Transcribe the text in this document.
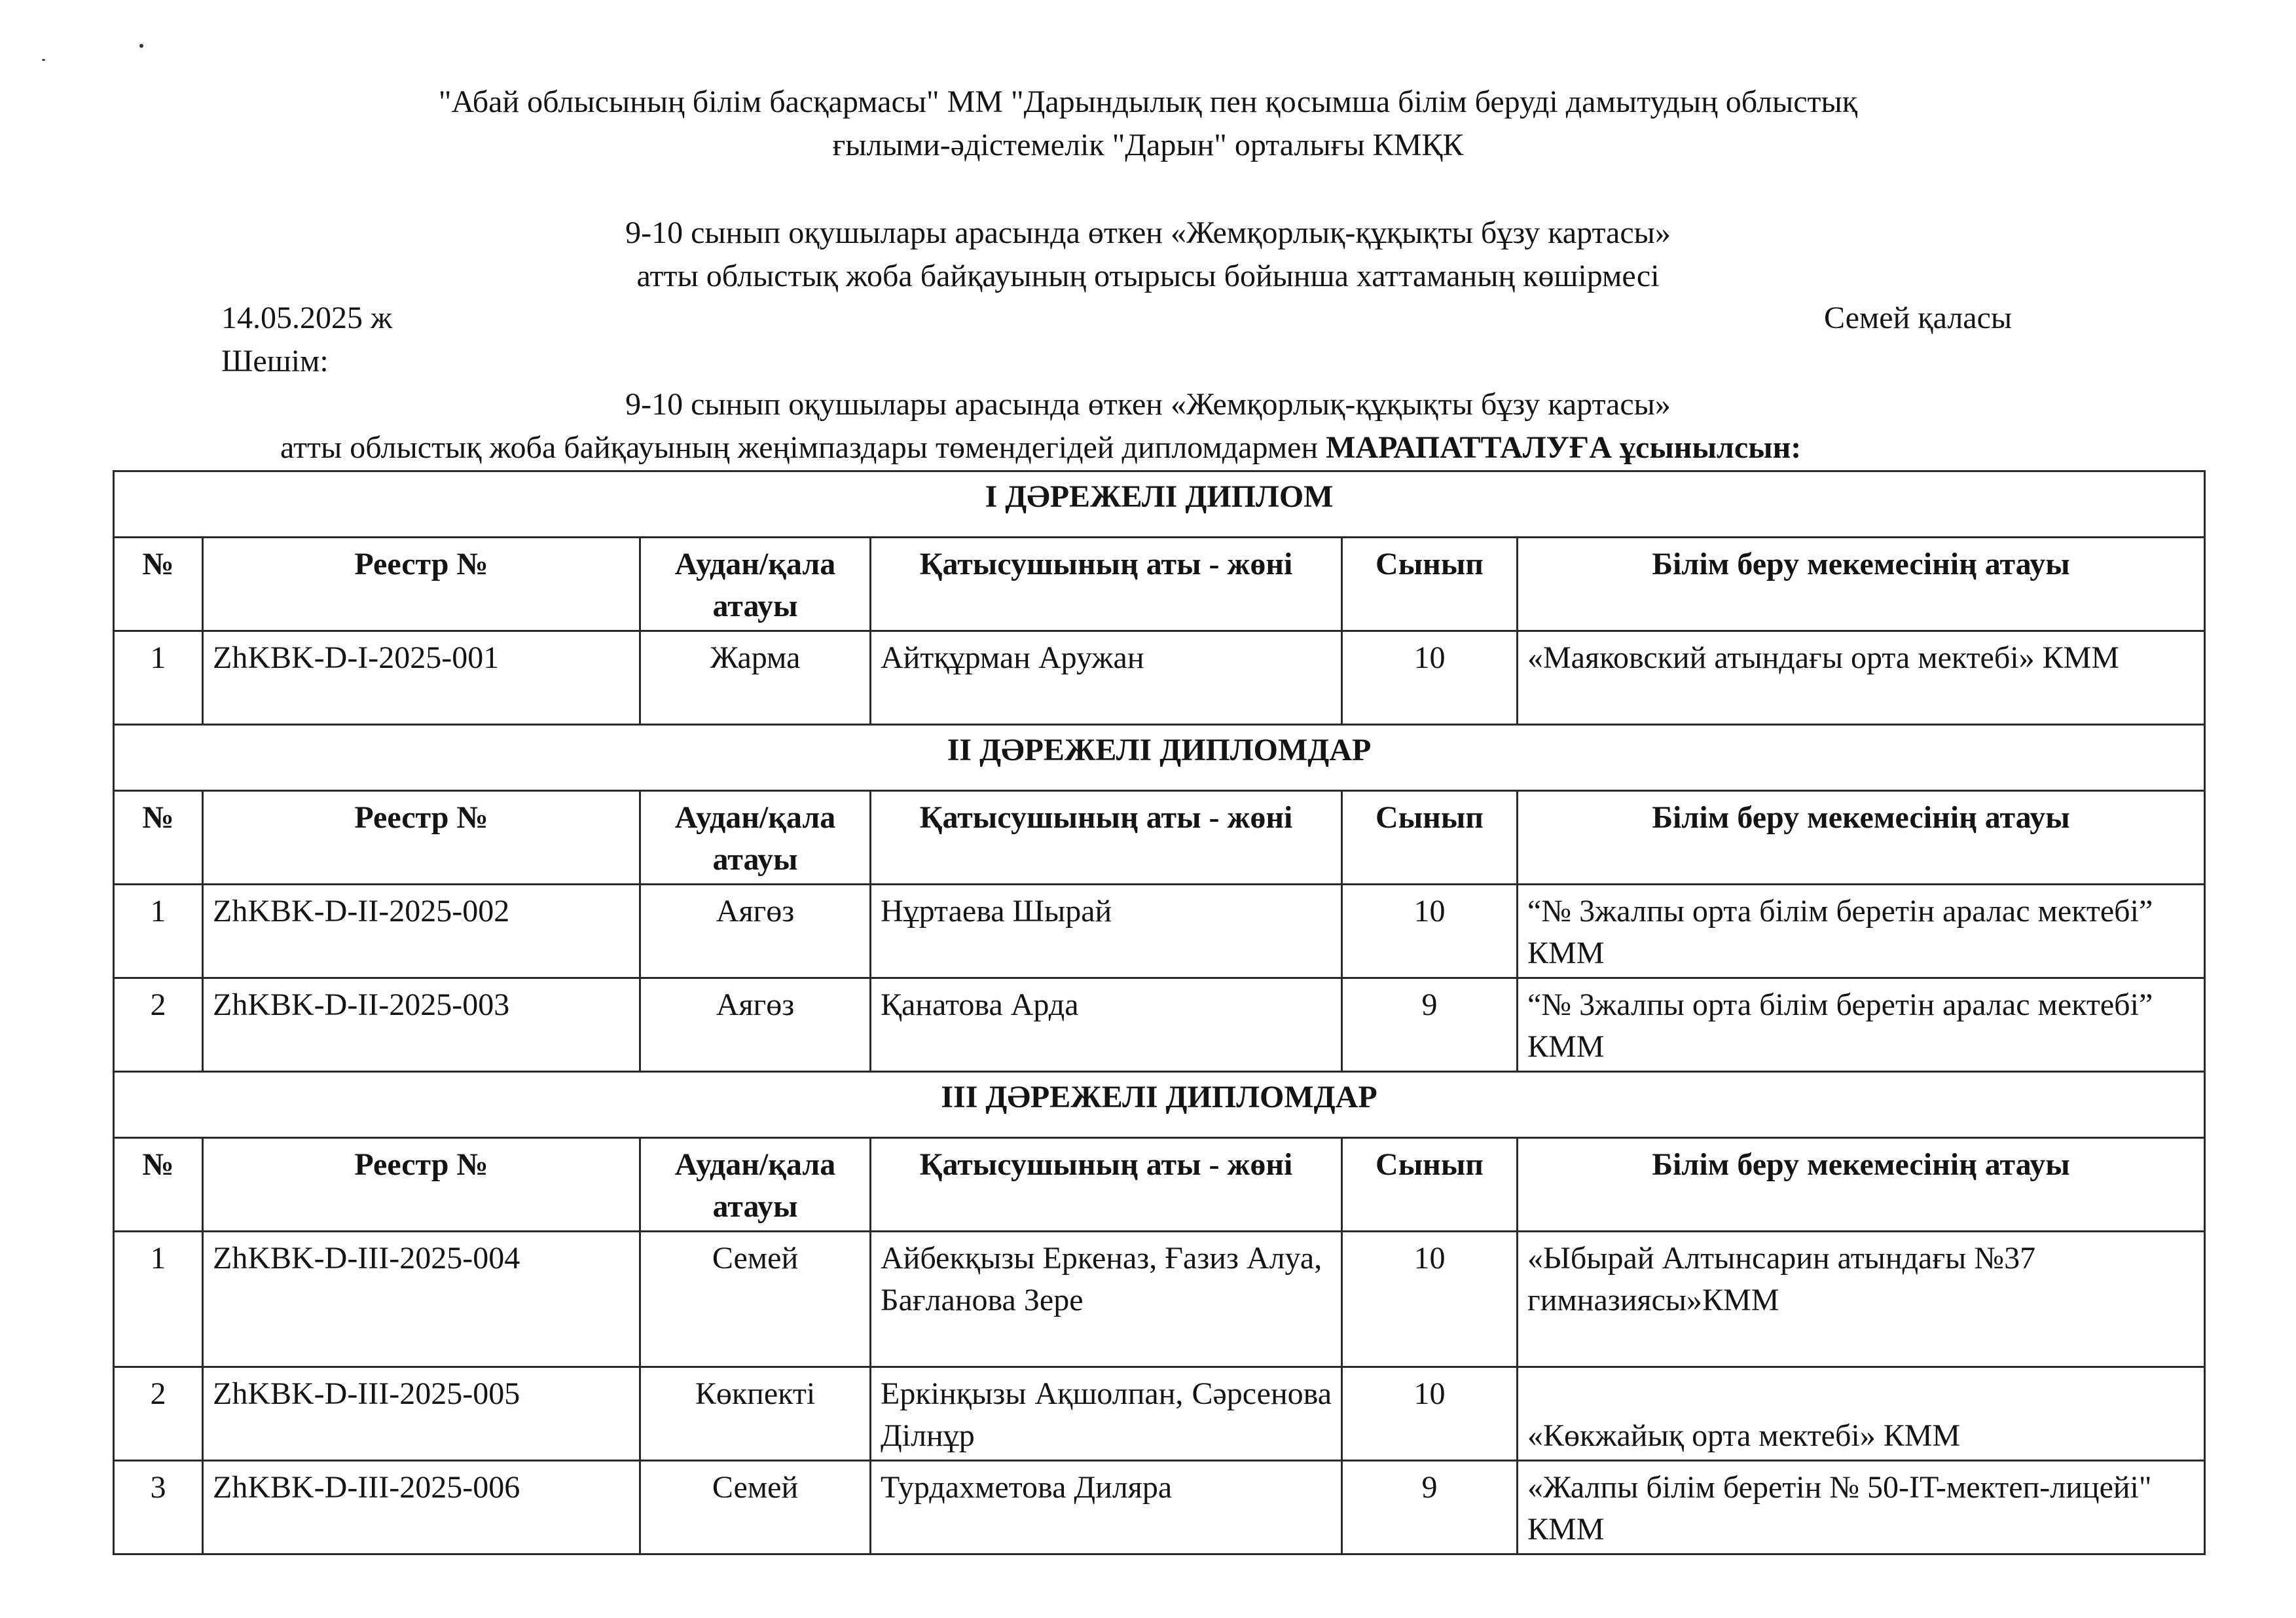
"Абай облысының білім басқармасы" ММ "Дарындылық пен қосымша білім беруді дамытудың облыстық
ғылыми-әдістемелік "Дарын" орталығы КМҚК
9-10 сынып оқушылары арасында өткен «Жемқорлық-құқықты бұзу картасы»
атты облыстық жоба байқауының отырысы бойынша хаттаманың көшірмесі
14.05.2025 ж	Семей қаласы
Шешім:
9-10 сынып оқушылары арасында өткен «Жемқорлық-құқықты бұзу картасы»
атты облыстық жоба байқауының жеңімпаздары төмендегідей дипломдармен МАРАПАТТАЛУҒА ұсынылсын:
І ДӘРЕЖЕЛІ ДИПЛОМ					
№	Реестр №	Аудан/қала атауы	Қатысушының аты - жөні	Сынып	Білім беру мекемесінің атауы
1	ZhKBK-D-I-2025-001	Жарма	Айтқұрман Аружан	10	«Маяковский атындағы орта мектебі» КММ
ІІ ДӘРЕЖЕЛІ ДИПЛОМДАР					
№	Реестр №	Аудан/қала атауы	Қатысушының аты - жөні	Сынып	Білім беру мекемесінің атауы
1	ZhKBK-D-II-2025-002	Аягөз	Нұртаева Шырай	10	“№ 3жалпы орта білім беретін аралас мектебі” КММ
2	ZhKBK-D-II-2025-003	Аягөз	Қанатова Арда	9	“№ 3жалпы орта білім беретін аралас мектебі” КММ
ІІІ ДӘРЕЖЕЛІ ДИПЛОМДАР					
№	Реестр №	Аудан/қала атауы	Қатысушының аты - жөні	Сынып	Білім беру мекемесінің атауы
1	ZhKBK-D-III-2025-004	Семей	Айбекқызы Еркеназ, Ғазиз Алуа, Бағланова Зере	10	«Ыбырай Алтынсарин атындағы №37 гимназиясы»КММ
2	ZhKBK-D-III-2025-005	Көкпекті	Еркінқызы Ақшолпан, Сәрсенова Ділнұр	10	«Көкжайық орта мектебі» КММ

3	ZhKBK-D-III-2025-006	Семей	Турдахметова Диляра	9	«Жалпы білім беретін № 50-IT-мектеп-лицейі" КММ
